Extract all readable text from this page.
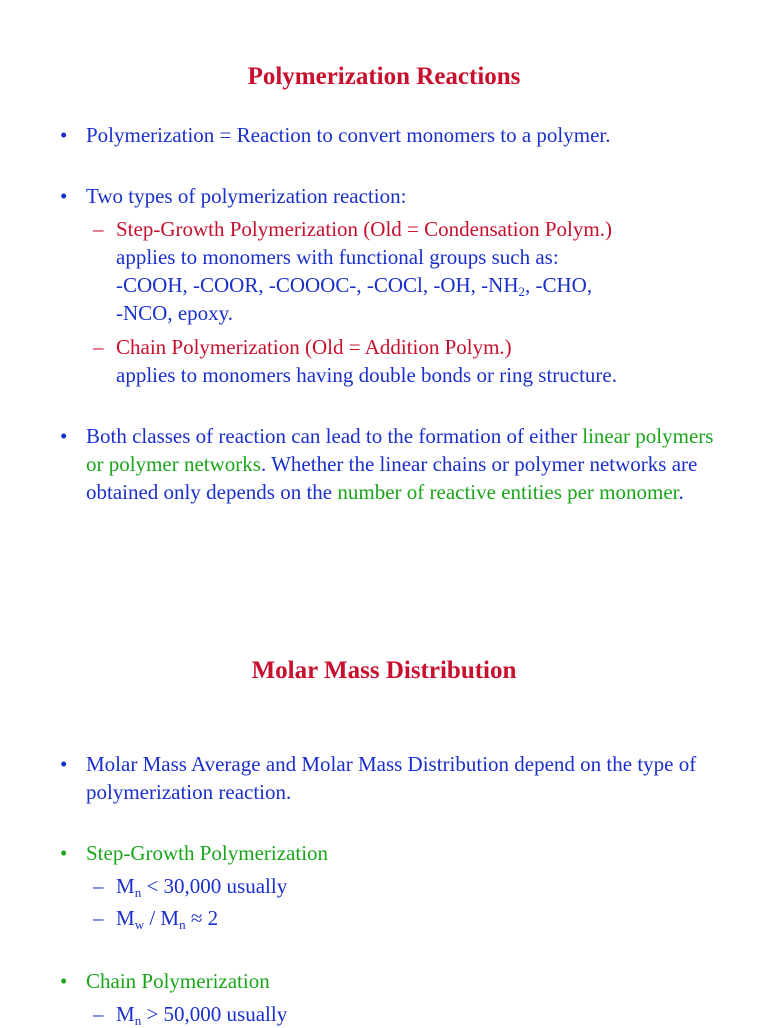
Polymerization Reactions
• Polymerization = Reaction to convert monomers to a polymer.
• Two types of polymerization reaction:
– Step-Growth Polymerization (Old = Condensation Polym.)
applies to monomers with functional groups such as:
-COOH, -COOR, -COOOC-, -COCl, -OH, $-NH_2$, -CHO,
-NCO, epoxy.
– Chain Polymerization (Old = Addition Polym.)
applies to monomers having double bonds or ring structure.
• Both classes of reaction can lead to the formation of either linear polymers or polymer networks. Whether the linear chains or polymer networks are obtained only depends on the number of reactive entities per monomer.
Molar Mass Distribution
• Molar Mass Average and Molar Mass Distribution depend on the type of polymerization reaction.
• Step-Growth Polymerization
– $M_n < 30,000$ usually
– $M_w / M_n \approx 2$
• Chain Polymerization
– $M_n > 50,000$ usually
